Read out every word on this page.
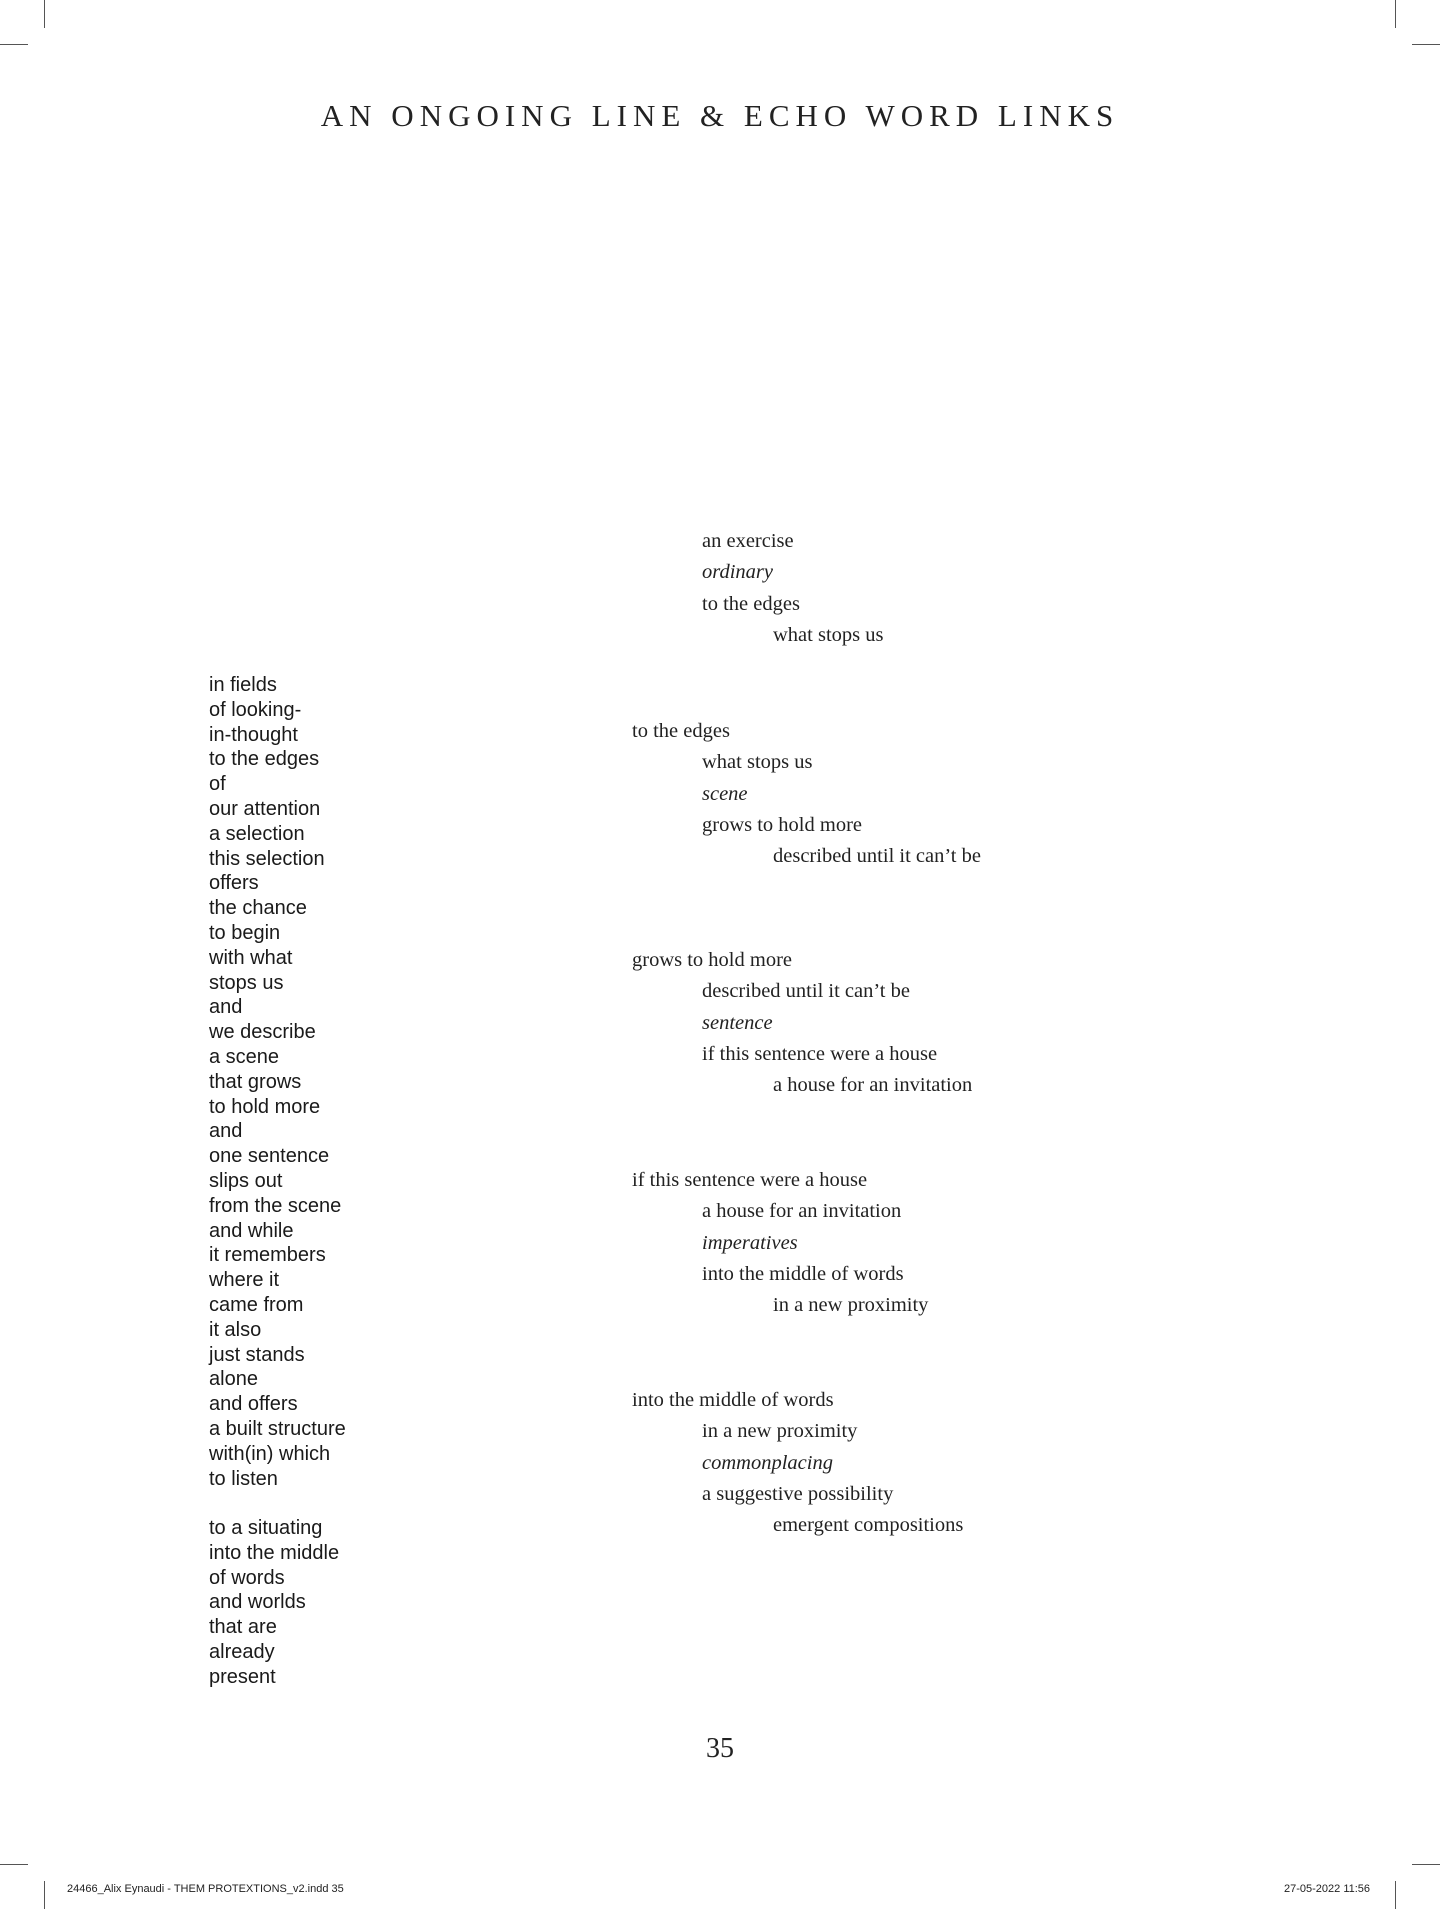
AN ONGOING LINE & ECHO WORD LINKS
in fields
of looking-
in-thought
to the edges
of
our attention
a selection
this selection
offers
the chance
to begin
with what
stops us
and
we describe
a scene
that grows
to hold more
and
one sentence
slips out
from the scene
and while
it remembers
where it
came from
it also
just stands
alone
and offers
a built structure
with(in) which
to listen
to a situating
into the middle
of words
and worlds
that are
already
present
an exercise
ordinary
to the edges
what stops us
to the edges
what stops us
scene
grows to hold more
described until it can’t be
grows to hold more
described until it can’t be
sentence
if this sentence were a house
a house for an invitation
if this sentence were a house
a house for an invitation
imperatives
into the middle of words
in a new proximity
into the middle of words
in a new proximity
commonplacing
a suggestive possibility
emergent compositions
35
24466_Alix Eynaudi - THEM PROTEXTIONS_v2.indd 35	27-05-2022 11:56
